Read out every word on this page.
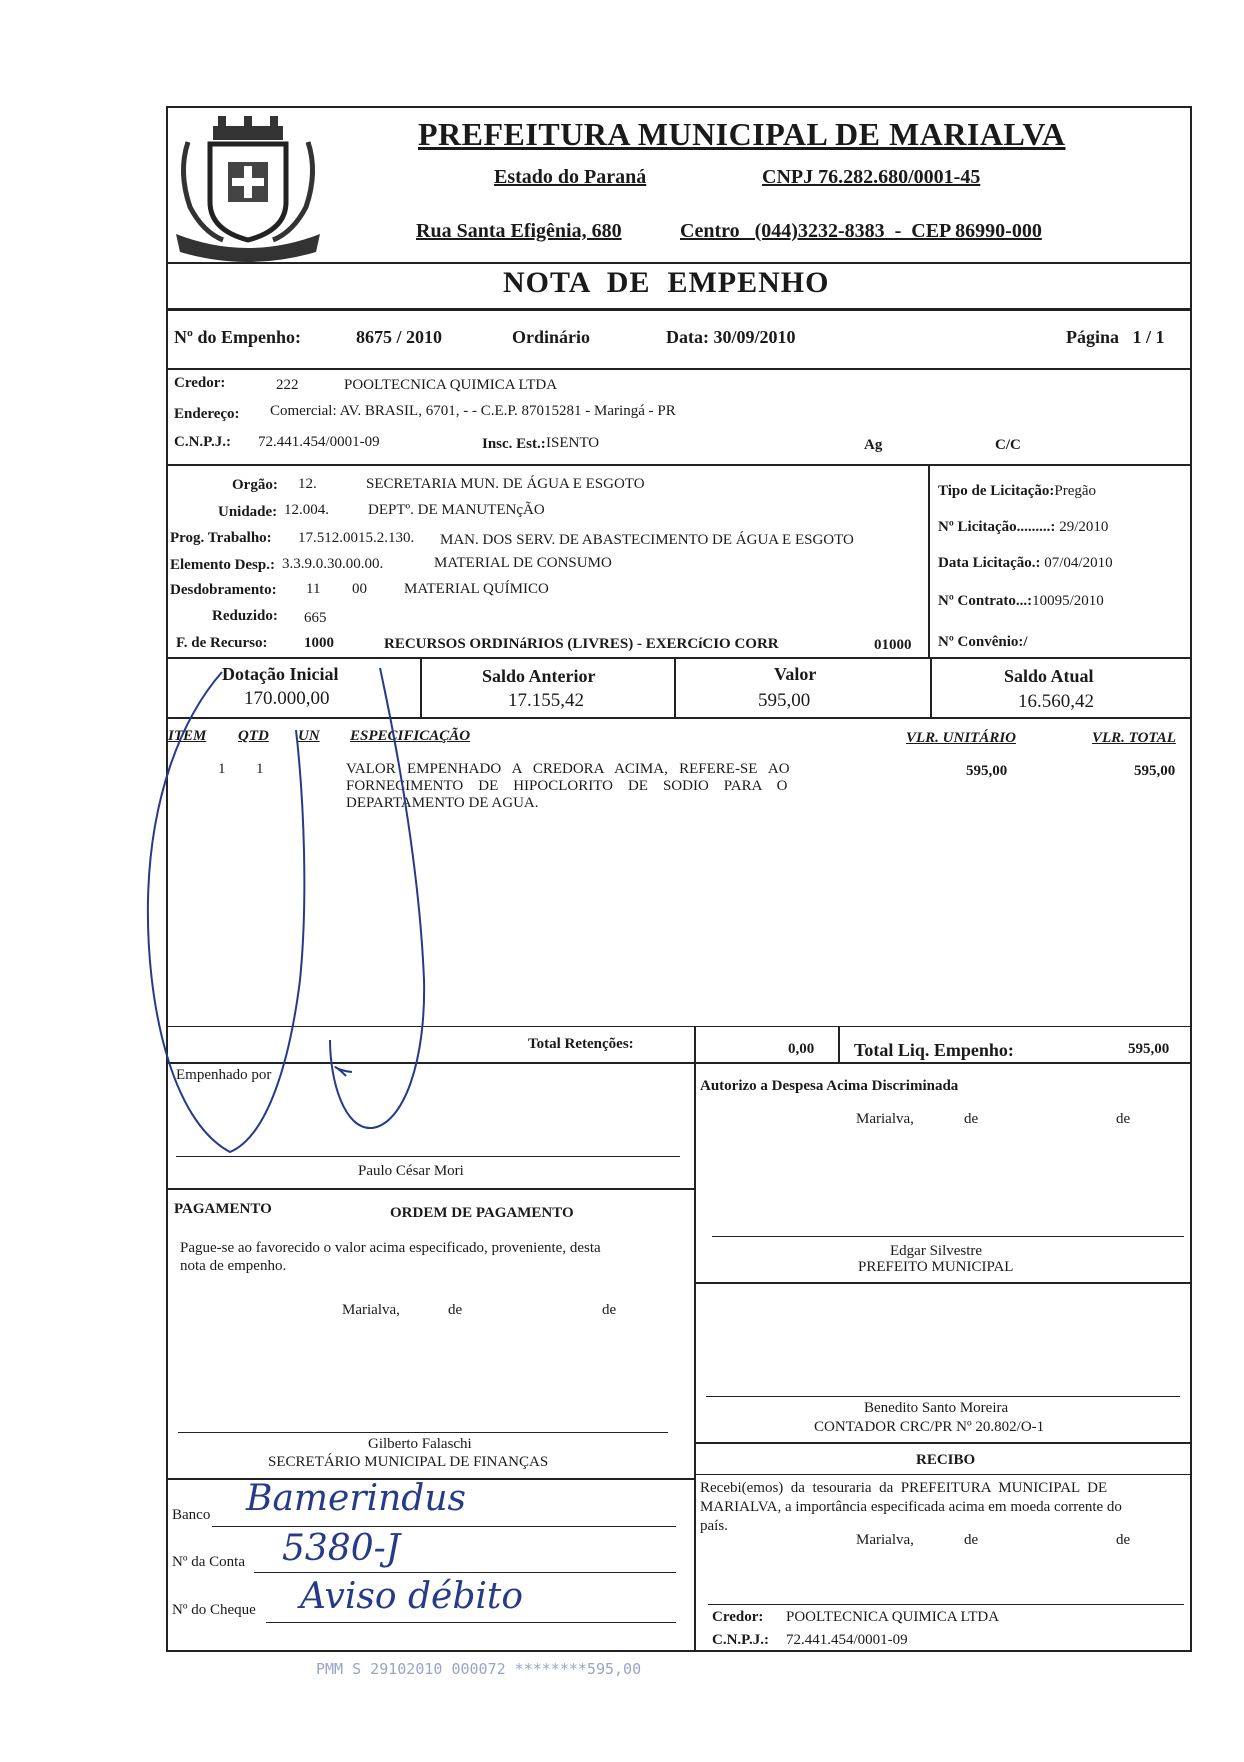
PREFEITURA MUNICIPAL DE MARIALVA
Estado do Paraná	CNPJ 76.282.680/0001-45
Rua Santa Efigênia, 680	Centro   (044)3232-8383  -  CEP 86990-000
NOTA  DE  EMPENHO
Nº do Empenho:	8675 / 2010	Ordinário	Data: 30/09/2010	Página   1 / 1
Credor:	222	POOLTECNICA QUIMICA LTDA
Endereço: Comercial: AV. BRASIL, 6701, - - C.E.P. 87015281 - Maringá - PR
C.N.P.J.: 72.441.454/0001-09	Insc. Est.: ISENTO	Ag	C/C
Orgão: 12.	SECRETARIA MUN. DE ÁGUA E ESGOTO
Unidade: 12.004.	DEPTº. DE MANUTENçÃO
Prog. Trabalho: 17.512.0015.2.130. MAN. DOS SERV. DE ABASTECIMENTO DE ÁGUA E ESGOTO
Elemento Desp.: 3.3.9.0.30.00.00.	MATERIAL DE CONSUMO
Desdobramento: 11 00 MATERIAL QUÍMICO
Reduzido: 665
F. de Recurso: 1000	RECURSOS ORDINáRIOS (LIVRES) - EXERCíCIO CORR	01000
Tipo de Licitação:Pregão
Nº Licitação.........: 29/2010
Data Licitação.: 07/04/2010
Nº Contrato...:10095/2010
Nº Convênio:/
Dotação Inicial
170.000,00
Saldo Anterior
17.155,42
Valor
595,00
Saldo Atual
16.560,42
ITEM QTD UN ESPECIFICAÇÃO	VLR. UNITÁRIO	VLR. TOTAL
1 1	VALOR   EMPENHADO   A   CREDORA   ACIMA,   REFERE-SE   AO
FORNECIMENTO    DE    HIPOCLORITO    DE    SODIO    PARA    O
DEPARTAMENTO DE AGUA.
595,00	595,00
Total Retenções:	0,00 Total Liq. Empenho:	595,00
Empenhado por
Paulo César Mori
Autorizo a Despesa Acima Discriminada
Marialva,	de	de
Edgar Silvestre
PREFEITO MUNICIPAL
Benedito Santo Moreira
CONTADOR CRC/PR Nº 20.802/O-1
PAGAMENTO	ORDEM DE PAGAMENTO
Pague-se ao favorecido o valor acima especificado, proveniente, desta
nota de empenho.
Marialva,	de	de
Gilberto Falaschi
SECRETÁRIO MUNICIPAL DE FINANÇAS
Banco Bamerindus
Nº da Conta 5380-J
Nº do Cheque Aviso débito
RECIBO
Recebi(emos)  da  tesouraria  da  PREFEITURA  MUNICIPAL  DE
MARIALVA, a importância especificada acima em moeda corrente do
país.
Marialva,	de	de
Credor: POOLTECNICA QUIMICA LTDA
C.N.P.J.: 72.441.454/0001-09
PMM S 29102010 000072 ********595,00
